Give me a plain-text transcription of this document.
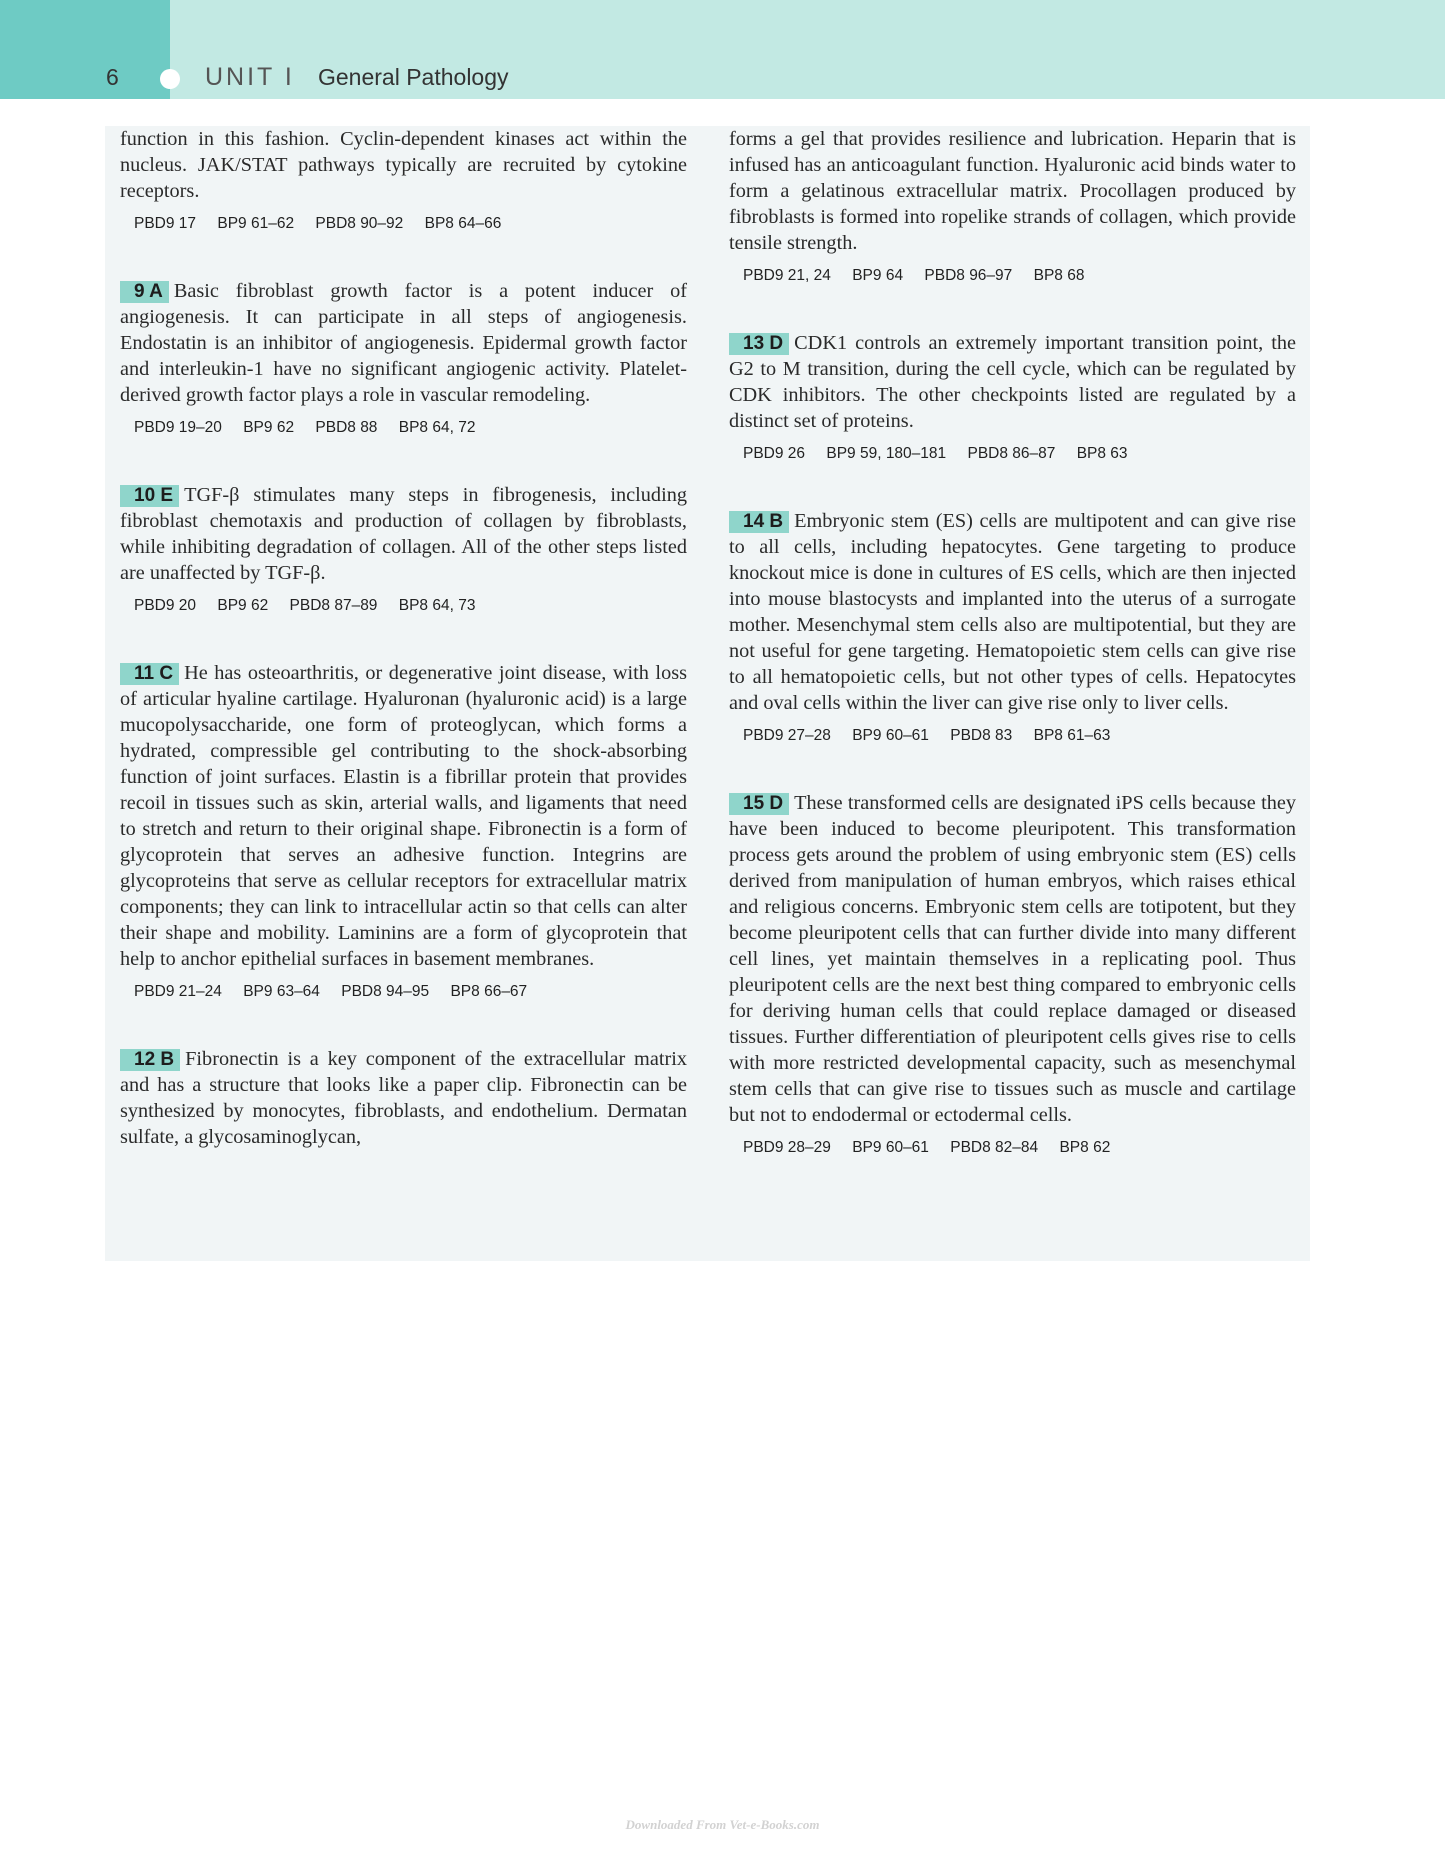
6	UNIT I General Pathology

function in this fashion. Cyclin-dependent kinases act within the nucleus. JAK/STAT pathways typically are recruited by cytokine receptors.

PBD9 17 BP9 61–62 PBD8 90–92 BP8 64–66

9 A Basic fibroblast growth factor is a potent inducer of angiogenesis. It can participate in all steps of angiogenesis. Endostatin is an inhibitor of angiogenesis. Epidermal growth factor and interleukin-1 have no significant angiogenic activity. Platelet-derived growth factor plays a role in vascular remodeling.

PBD9 19–20 BP9 62 PBD8 88 BP8 64, 72

10 E TGF-β stimulates many steps in fibrogenesis, including fibroblast chemotaxis and production of collagen by fibroblasts, while inhibiting degradation of collagen. All of the other steps listed are unaffected by TGF-β.

PBD9 20 BP9 62 PBD8 87–89 BP8 64, 73

11 C He has osteoarthritis, or degenerative joint disease, with loss of articular hyaline cartilage. Hyaluronan (hyaluronic acid) is a large mucopolysaccharide, one form of proteoglycan, which forms a hydrated, compressible gel contributing to the shock-absorbing function of joint surfaces. Elastin is a fibrillar protein that provides recoil in tissues such as skin, arterial walls, and ligaments that need to stretch and return to their original shape. Fibronectin is a form of glycoprotein that serves an adhesive function. Integrins are glycoproteins that serve as cellular receptors for extracellular matrix components; they can link to intracellular actin so that cells can alter their shape and mobility. Laminins are a form of glycoprotein that help to anchor epithelial surfaces in basement membranes.

PBD9 21–24 BP9 63–64 PBD8 94–95 BP8 66–67

12 B Fibronectin is a key component of the extracellular matrix and has a structure that looks like a paper clip. Fibronectin can be synthesized by monocytes, fibroblasts, and endothelium. Dermatan sulfate, a glycosaminoglycan,

forms a gel that provides resilience and lubrication. Heparin that is infused has an anticoagulant function. Hyaluronic acid binds water to form a gelatinous extracellular matrix. Procollagen produced by fibroblasts is formed into ropelike strands of collagen, which provide tensile strength.

PBD9 21, 24 BP9 64 PBD8 96–97 BP8 68

13 D CDK1 controls an extremely important transition point, the G2 to M transition, during the cell cycle, which can be regulated by CDK inhibitors. The other checkpoints listed are regulated by a distinct set of proteins.

PBD9 26 BP9 59, 180–181 PBD8 86–87 BP8 63

14 B Embryonic stem (ES) cells are multipotent and can give rise to all cells, including hepatocytes. Gene targeting to produce knockout mice is done in cultures of ES cells, which are then injected into mouse blastocysts and implanted into the uterus of a surrogate mother. Mesenchymal stem cells also are multipotential, but they are not useful for gene targeting. Hematopoietic stem cells can give rise to all hematopoietic cells, but not other types of cells. Hepatocytes and oval cells within the liver can give rise only to liver cells.

PBD9 27–28 BP9 60–61 PBD8 83 BP8 61–63

15 D These transformed cells are designated iPS cells because they have been induced to become pleuripotent. This transformation process gets around the problem of using embryonic stem (ES) cells derived from manipulation of human embryos, which raises ethical and religious concerns. Embryonic stem cells are totipotent, but they become pleuripotent cells that can further divide into many different cell lines, yet maintain themselves in a replicating pool. Thus pleuripotent cells are the next best thing compared to embryonic cells for deriving human cells that could replace damaged or diseased tissues. Further differentiation of pleuripotent cells gives rise to cells with more restricted developmental capacity, such as mesenchymal stem cells that can give rise to tissues such as muscle and cartilage but not to endodermal or ectodermal cells.

PBD9 28–29 BP9 60–61 PBD8 82–84 BP8 62
Downloaded From Vet-e-Books.com
